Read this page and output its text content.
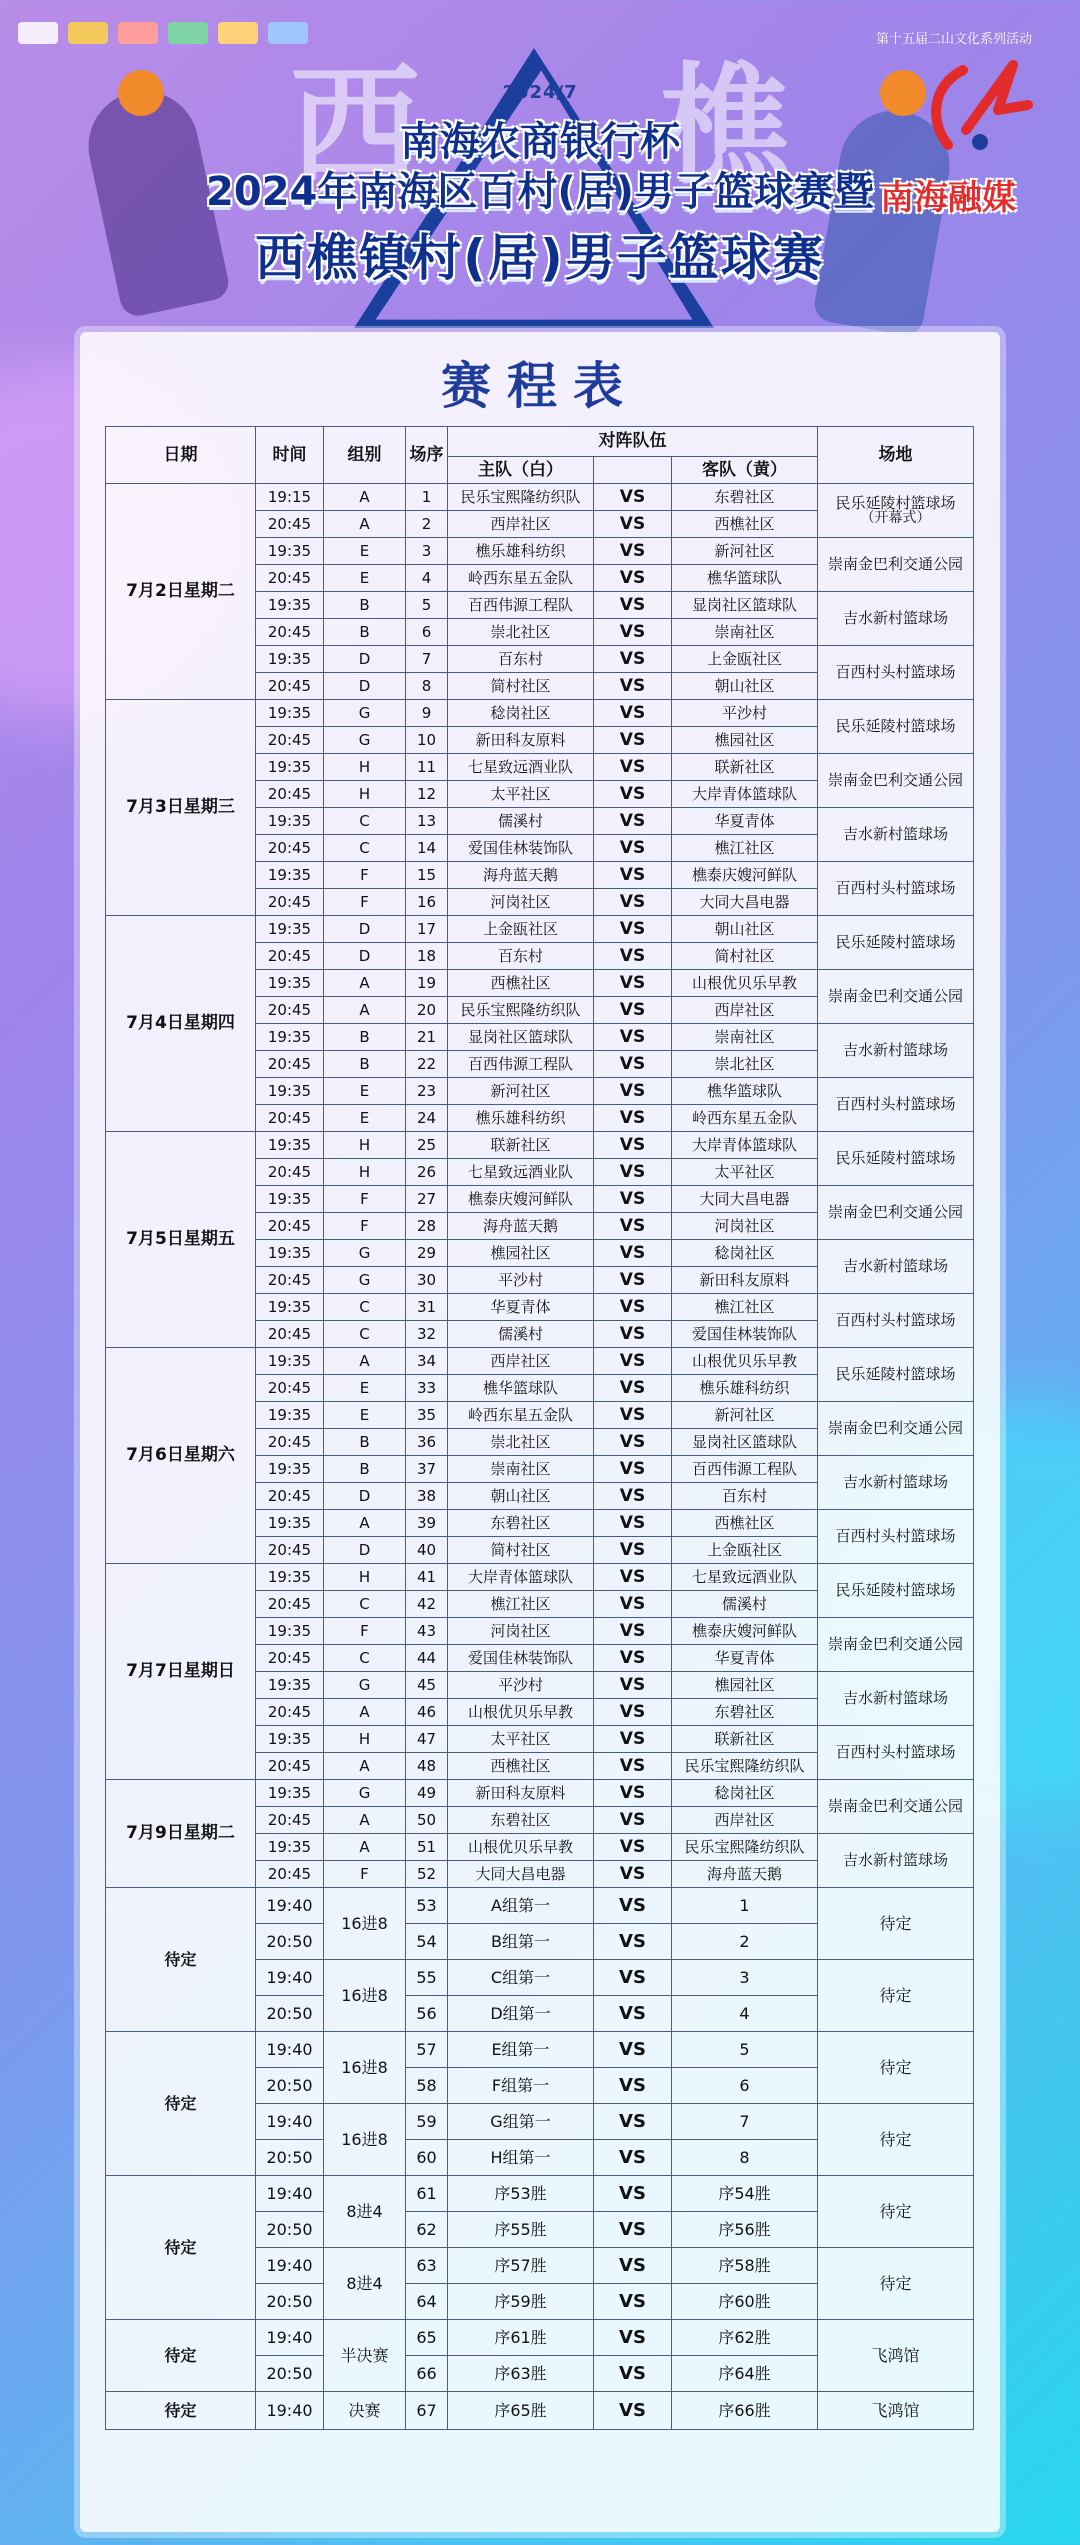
西 樵
2024/7
南海农商银行杯
2024年南海区百村(居)男子篮球赛暨
西樵镇村(居)男子篮球赛
第十五届二山文化系列活动
南海融媒
赛程表
日期	时间	组别	场序	对阵队伍			场地
				主队（白）		客队（黄）	
7月2日星期二	19:15	A	1	民乐宝熙隆纺织队	VS	东碧社区	民乐延陵村篮球场
（开幕式）

	20:45	A	2	西岸社区	VS	西樵社区	
	19:35	E	3	樵乐雄科纺织	VS	新河社区	崇南金巴利交通公园
	20:45	E	4	岭西东星五金队	VS	樵华篮球队	
	19:35	B	5	百西伟源工程队	VS	显岗社区篮球队	吉水新村篮球场
	20:45	B	6	崇北社区	VS	崇南社区	
	19:35	D	7	百东村	VS	上金瓯社区	百西村头村篮球场
	20:45	D	8	简村社区	VS	朝山社区	
7月3日星期三	19:35	G	9	稔岗社区	VS	平沙村	民乐延陵村篮球场
	20:45	G	10	新田科友原料	VS	樵园社区	
	19:35	H	11	七星致远酒业队	VS	联新社区	崇南金巴利交通公园
	20:45	H	12	太平社区	VS	大岸青体篮球队	
	19:35	C	13	儒溪村	VS	华夏青体	吉水新村篮球场
	20:45	C	14	爱国佳林装饰队	VS	樵江社区	
	19:35	F	15	海舟蓝天鹅	VS	樵泰庆嫂河鲜队	百西村头村篮球场
	20:45	F	16	河岗社区	VS	大同大昌电器	
7月4日星期四	19:35	D	17	上金瓯社区	VS	朝山社区	民乐延陵村篮球场
	20:45	D	18	百东村	VS	简村社区	
	19:35	A	19	西樵社区	VS	山根优贝乐早教	崇南金巴利交通公园
	20:45	A	20	民乐宝熙隆纺织队	VS	西岸社区	
	19:35	B	21	显岗社区篮球队	VS	崇南社区	吉水新村篮球场
	20:45	B	22	百西伟源工程队	VS	崇北社区	
	19:35	E	23	新河社区	VS	樵华篮球队	百西村头村篮球场
	20:45	E	24	樵乐雄科纺织	VS	岭西东星五金队	
7月5日星期五	19:35	H	25	联新社区	VS	大岸青体篮球队	民乐延陵村篮球场
	20:45	H	26	七星致远酒业队	VS	太平社区	
	19:35	F	27	樵泰庆嫂河鲜队	VS	大同大昌电器	崇南金巴利交通公园
	20:45	F	28	海舟蓝天鹅	VS	河岗社区	
	19:35	G	29	樵园社区	VS	稔岗社区	吉水新村篮球场
	20:45	G	30	平沙村	VS	新田科友原料	
	19:35	C	31	华夏青体	VS	樵江社区	百西村头村篮球场
	20:45	C	32	儒溪村	VS	爱国佳林装饰队	
7月6日星期六	19:35	A	34	西岸社区	VS	山根优贝乐早教	民乐延陵村篮球场
	20:45	E	33	樵华篮球队	VS	樵乐雄科纺织	
	19:35	E	35	岭西东星五金队	VS	新河社区	崇南金巴利交通公园
	20:45	B	36	崇北社区	VS	显岗社区篮球队	
	19:35	B	37	崇南社区	VS	百西伟源工程队	吉水新村篮球场
	20:45	D	38	朝山社区	VS	百东村	
	19:35	A	39	东碧社区	VS	西樵社区	百西村头村篮球场
	20:45	D	40	简村社区	VS	上金瓯社区	
7月7日星期日	19:35	H	41	大岸青体篮球队	VS	七星致远酒业队	民乐延陵村篮球场
	20:45	C	42	樵江社区	VS	儒溪村	
	19:35	F	43	河岗社区	VS	樵泰庆嫂河鲜队	崇南金巴利交通公园
	20:45	C	44	爱国佳林装饰队	VS	华夏青体	
	19:35	G	45	平沙村	VS	樵园社区	吉水新村篮球场
	20:45	A	46	山根优贝乐早教	VS	东碧社区	
	19:35	H	47	太平社区	VS	联新社区	百西村头村篮球场
	20:45	A	48	西樵社区	VS	民乐宝熙隆纺织队	
7月9日星期二	19:35	G	49	新田科友原料	VS	稔岗社区	崇南金巴利交通公园
	20:45	A	50	东碧社区	VS	西岸社区	
	19:35	A	51	山根优贝乐早教	VS	民乐宝熙隆纺织队	吉水新村篮球场
	20:45	F	52	大同大昌电器	VS	海舟蓝天鹅	
待定	19:40	16进8	53	A组第一	VS	1	待定
	20:50		54	B组第一	VS	2	
	19:40	16进8	55	C组第一	VS	3	待定
	20:50		56	D组第一	VS	4	
待定	19:40	16进8	57	E组第一	VS	5	待定
	20:50		58	F组第一	VS	6	
	19:40	16进8	59	G组第一	VS	7	待定
	20:50		60	H组第一	VS	8	
待定	19:40	8进4	61	序53胜	VS	序54胜	待定
	20:50		62	序55胜	VS	序56胜	
	19:40	8进4	63	序57胜	VS	序58胜	待定
	20:50		64	序59胜	VS	序60胜	
待定	19:40	半决赛	65	序61胜	VS	序62胜	飞鸿馆
	20:50		66	序63胜	VS	序64胜	
待定	19:40	决赛	67	序65胜	VS	序66胜	飞鸿馆
